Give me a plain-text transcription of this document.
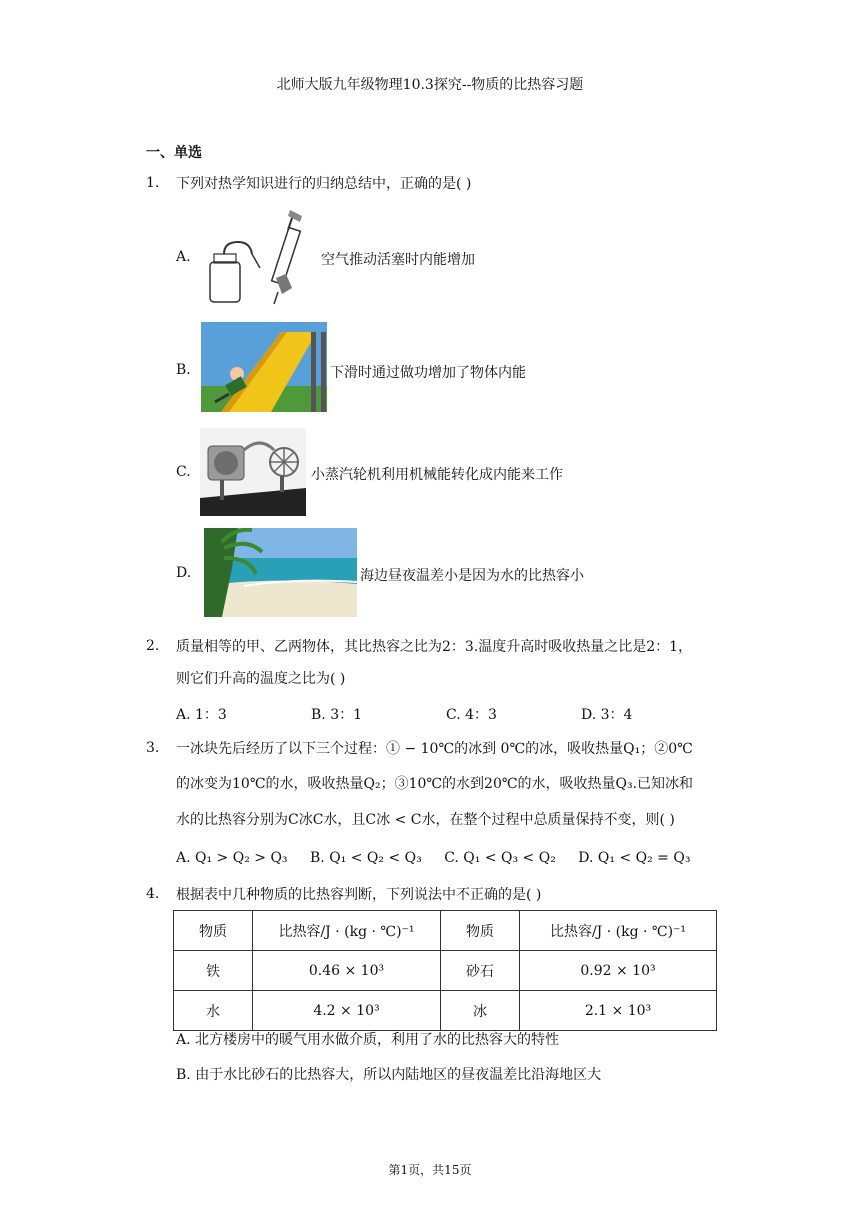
北师大版九年级物理10.3探究--物质的比热容习题
一、单选
1. 下列对热学知识进行的归纳总结中，正确的是( )
A.	空气推动活塞时内能增加
B.	下滑时通过做功增加了物体内能
C.	小蒸汽轮机利用机械能转化成内能来工作
D.	海边昼夜温差小是因为水的比热容小
2. 质量相等的甲、乙两物体，其比热容之比为2：3.温度升高时吸收热量之比是2：1，
则它们升高的温度之比为( )
A. 1：3	B. 3：1	C. 4：3	D. 3：4
3. 一冰块先后经历了以下三个过程：① − 10℃的冰到 0℃的冰，吸收热量Q₁；②0℃
的冰变为10℃的水，吸收热量Q₂；③10℃的水到20℃的水，吸收热量Q₃.已知冰和
水的比热容分别为C冰C水，且C冰 < C水，在整个过程中总质量保持不变，则( )
A. Q₁ > Q₂ > Q₃ B. Q₁ < Q₂ < Q₃ C. Q₁ < Q₃ < Q₂ D. Q₁ < Q₂ = Q₃
4. 根据表中几种物质的比热容判断，下列说法中不正确的是( )
物质	比热容/J · (kg · ℃)⁻¹	物质	比热容/J · (kg · ℃)⁻¹
铁	0.46 × 10³	砂石	0.92 × 10³
水	4.2 × 10³	冰	2.1 × 10³
A. 北方楼房中的暖气用水做介质，利用了水的比热容大的特性
B. 由于水比砂石的比热容大，所以内陆地区的昼夜温差比沿海地区大
第1页，共15页
